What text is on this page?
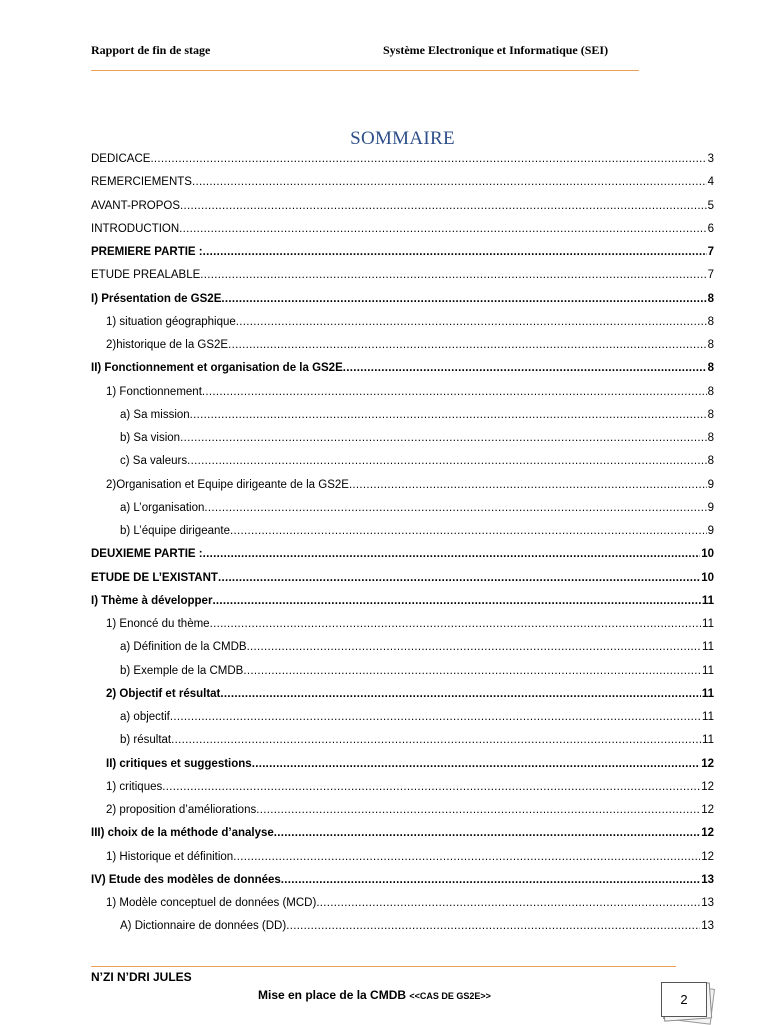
Rapport de fin de stage	Système Electronique et Informatique (SEI)
SOMMAIRE
DEDICACE .....	3
REMERCIEMENTS .....	4
AVANT-PROPOS .....	5
INTRODUCTION .....	6
PREMIERE PARTIE : .....	7
ETUDE PREALABLE .....	7
I) Présentation de GS2E .....	8
1) situation géographique .....	8
2)historique de la GS2E .....	8
II) Fonctionnement et organisation de la GS2E .....	8
1) Fonctionnement .....	8
a) Sa mission .....	8
b) Sa vision .....	8
c) Sa valeurs .....	8
2)Organisation et Equipe dirigeante de la GS2E .....	9
a) L’organisation .....	9
b) L’équipe dirigeante .....	9
DEUXIEME PARTIE : .....	10
ETUDE DE L’EXISTANT .....	10
I) Thème à développer .....	11
1) Enoncé du thème .....	11
a) Définition de la CMDB .....	11
b) Exemple de la CMDB .....	11
2) Objectif et résultat .....	11
a) objectif .....	11
b) résultat .....	11
II) critiques et suggestions .....	12
1) critiques .....	12
2) proposition d’améliorations .....	12
III) choix de la méthode d’analyse .....	12
1) Historique et définition .....	12
IV) Etude des modèles de données .....	13
1) Modèle conceptuel de données (MCD) .....	13
A) Dictionnaire de données (DD) .....	13
N’ZI N’DRI JULES
Mise en place de la CMDB <<CAS DE GS2E>>	2
